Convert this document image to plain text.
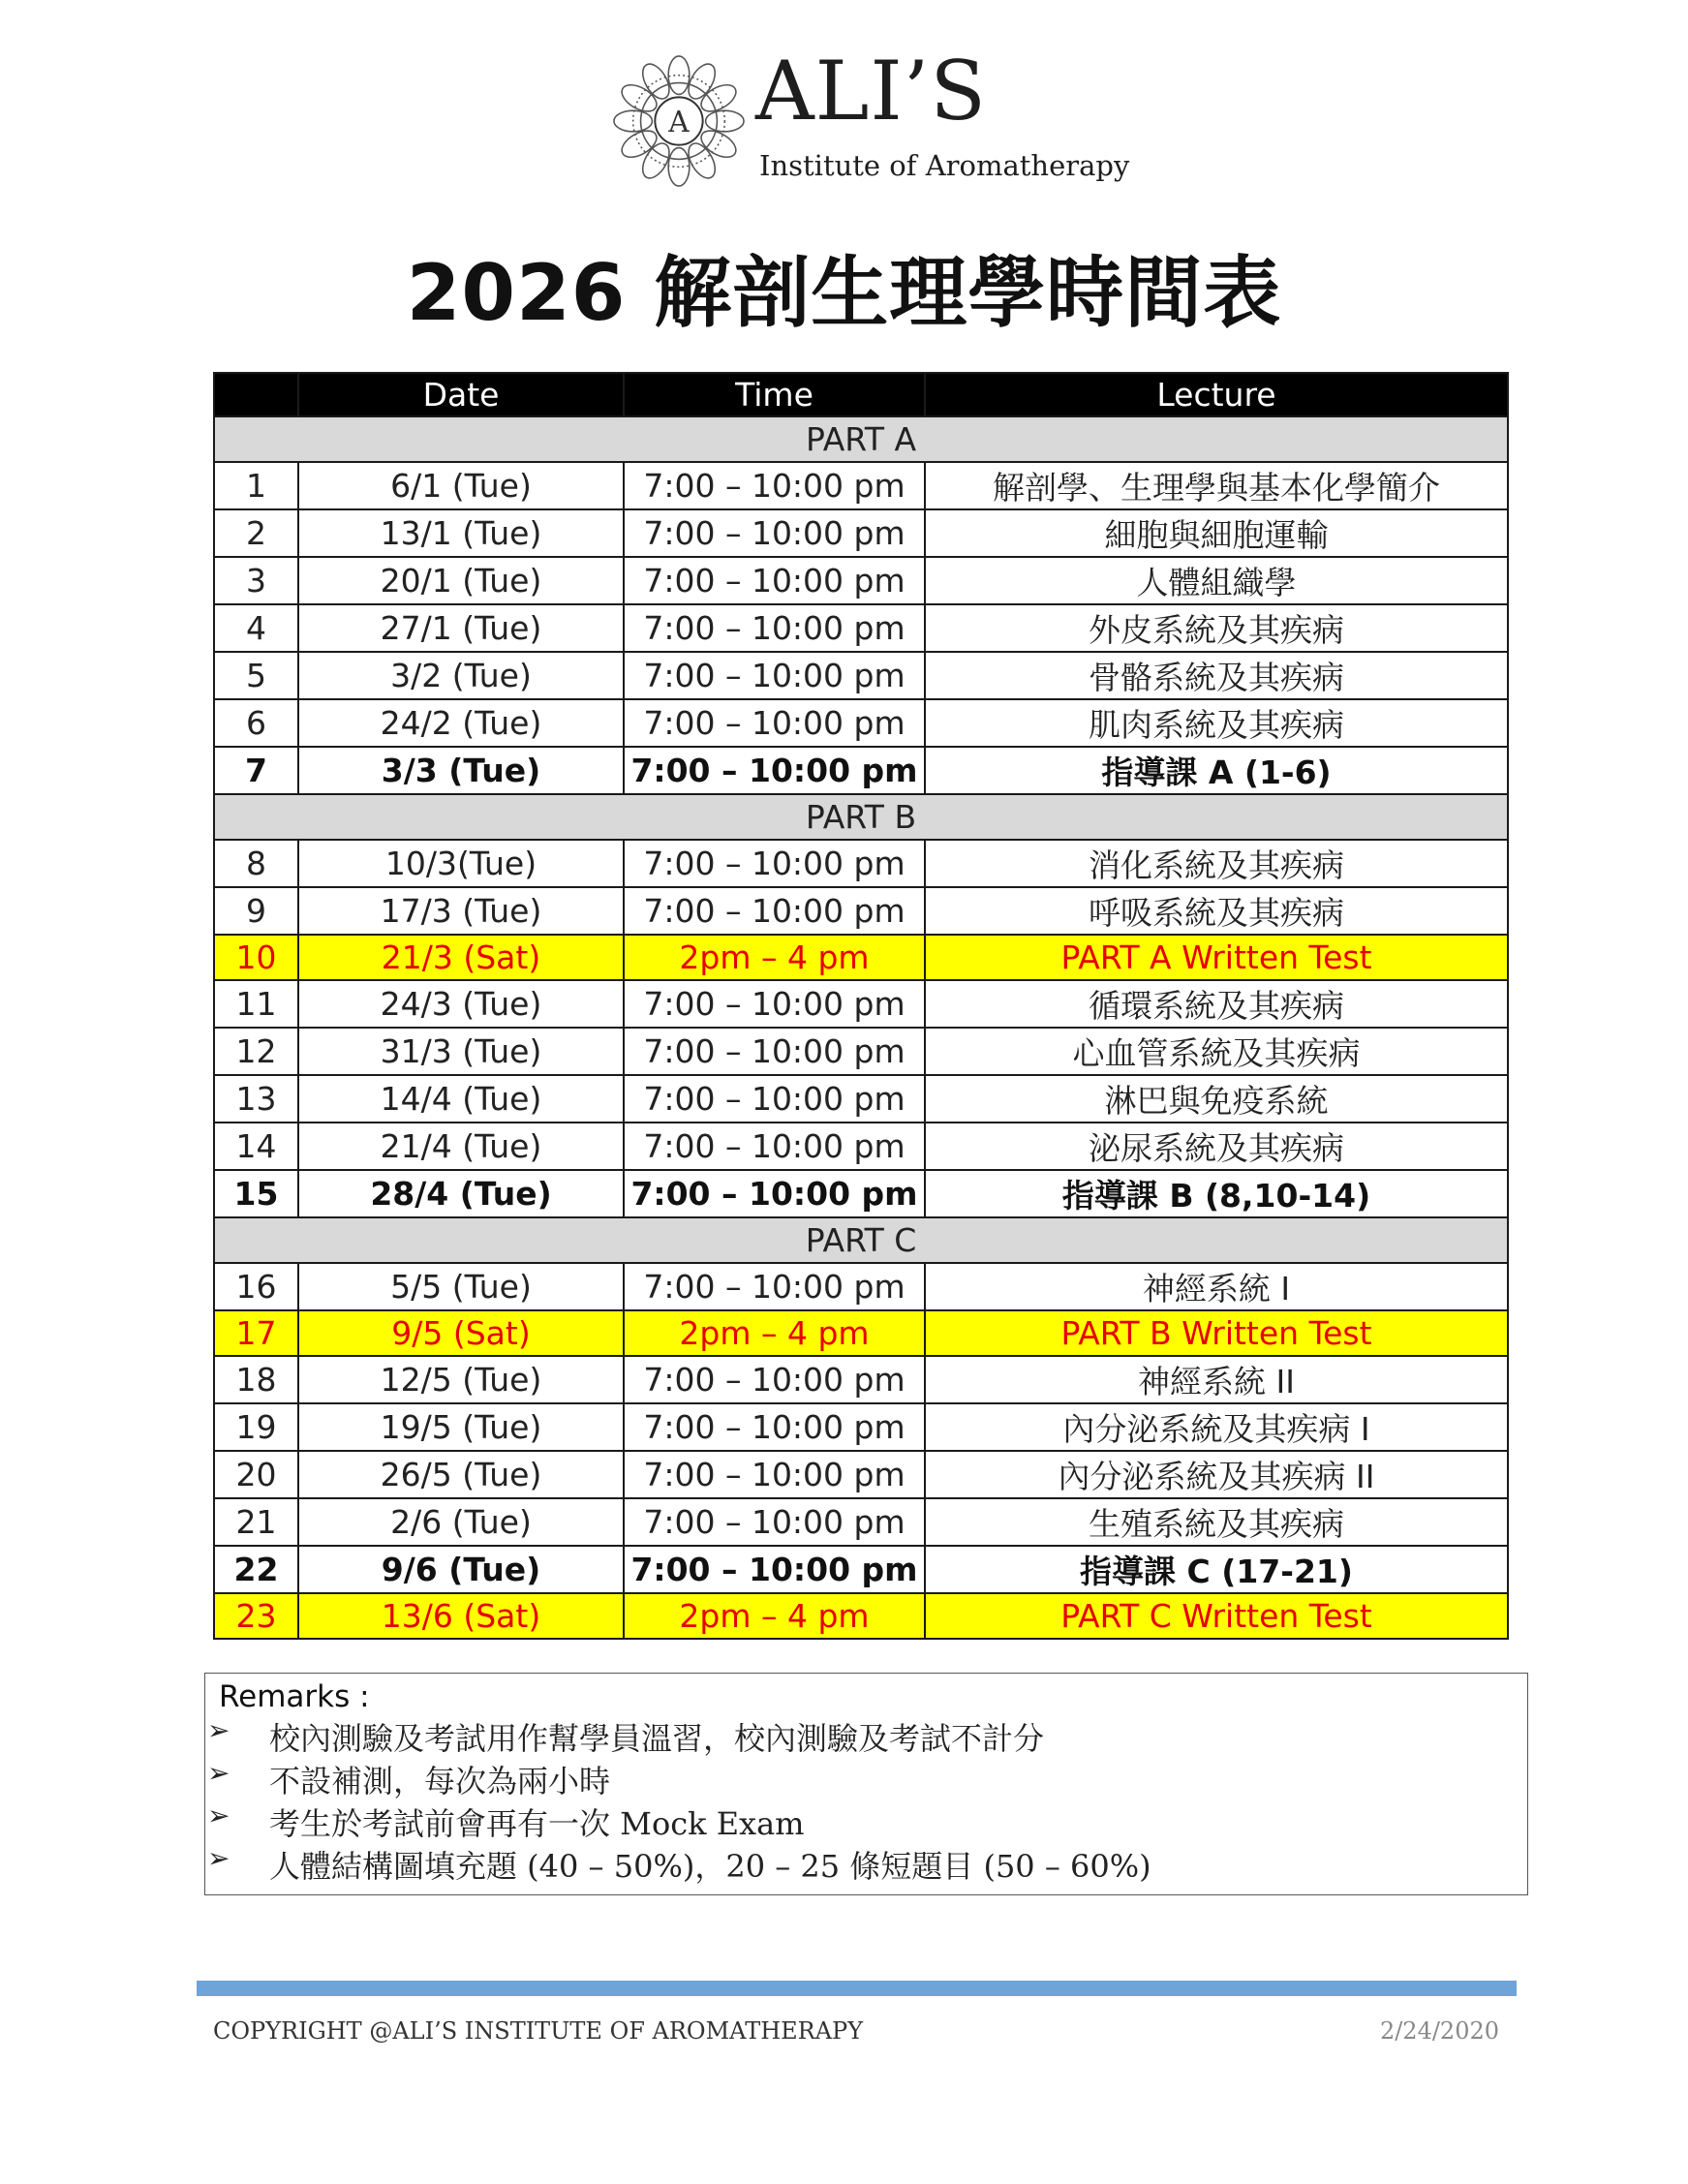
A ALI’S
Institute of Aromatherapy
2026 解剖生理學時間表
	Date	Time	Lecture
PART A			
1	6/1 (Tue)	7:00 – 10:00 pm	解剖學、生理學與基本化學簡介
2	13/1 (Tue)	7:00 – 10:00 pm	細胞與細胞運輸
3	20/1 (Tue)	7:00 – 10:00 pm	人體組織學
4	27/1 (Tue)	7:00 – 10:00 pm	外皮系統及其疾病
5	3/2 (Tue)	7:00 – 10:00 pm	骨骼系統及其疾病
6	24/2 (Tue)	7:00 – 10:00 pm	肌肉系統及其疾病
7	3/3 (Tue)	7:00 – 10:00 pm	指導課 A (1-6)
PART B			
8	10/3(Tue)	7:00 – 10:00 pm	消化系統及其疾病
9	17/3 (Tue)	7:00 – 10:00 pm	呼吸系統及其疾病
10	21/3 (Sat)	2pm – 4 pm	PART A Written Test
11	24/3 (Tue)	7:00 – 10:00 pm	循環系統及其疾病
12	31/3 (Tue)	7:00 – 10:00 pm	心血管系統及其疾病
13	14/4 (Tue)	7:00 – 10:00 pm	淋巴與免疫系統
14	21/4 (Tue)	7:00 – 10:00 pm	泌尿系統及其疾病
15	28/4 (Tue)	7:00 – 10:00 pm	指導課 B (8,10-14)
PART C			
16	5/5 (Tue)	7:00 – 10:00 pm	神經系統 I
17	9/5 (Sat)	2pm – 4 pm	PART B Written Test
18	12/5 (Tue)	7:00 – 10:00 pm	神經系統 II
19	19/5 (Tue)	7:00 – 10:00 pm	內分泌系統及其疾病 I
20	26/5 (Tue)	7:00 – 10:00 pm	內分泌系統及其疾病 II
21	2/6 (Tue)	7:00 – 10:00 pm	生殖系統及其疾病
22	9/6 (Tue)	7:00 – 10:00 pm	指導課 C (17-21)
23	13/6 (Sat)	2pm – 4 pm	PART C Written Test
Remarks :
➢ 校內測驗及考試用作幫學員溫習，校內測驗及考試不計分
➢ 不設補測，每次為兩小時
➢ 考生於考試前會再有一次 Mock Exam
➢ 人體結構圖填充題 (40 – 50%)，20 – 25 條短題目 (50 – 60%)
COPYRIGHT @ALI’S INSTITUTE OF AROMATHERAPY	2/24/2020
